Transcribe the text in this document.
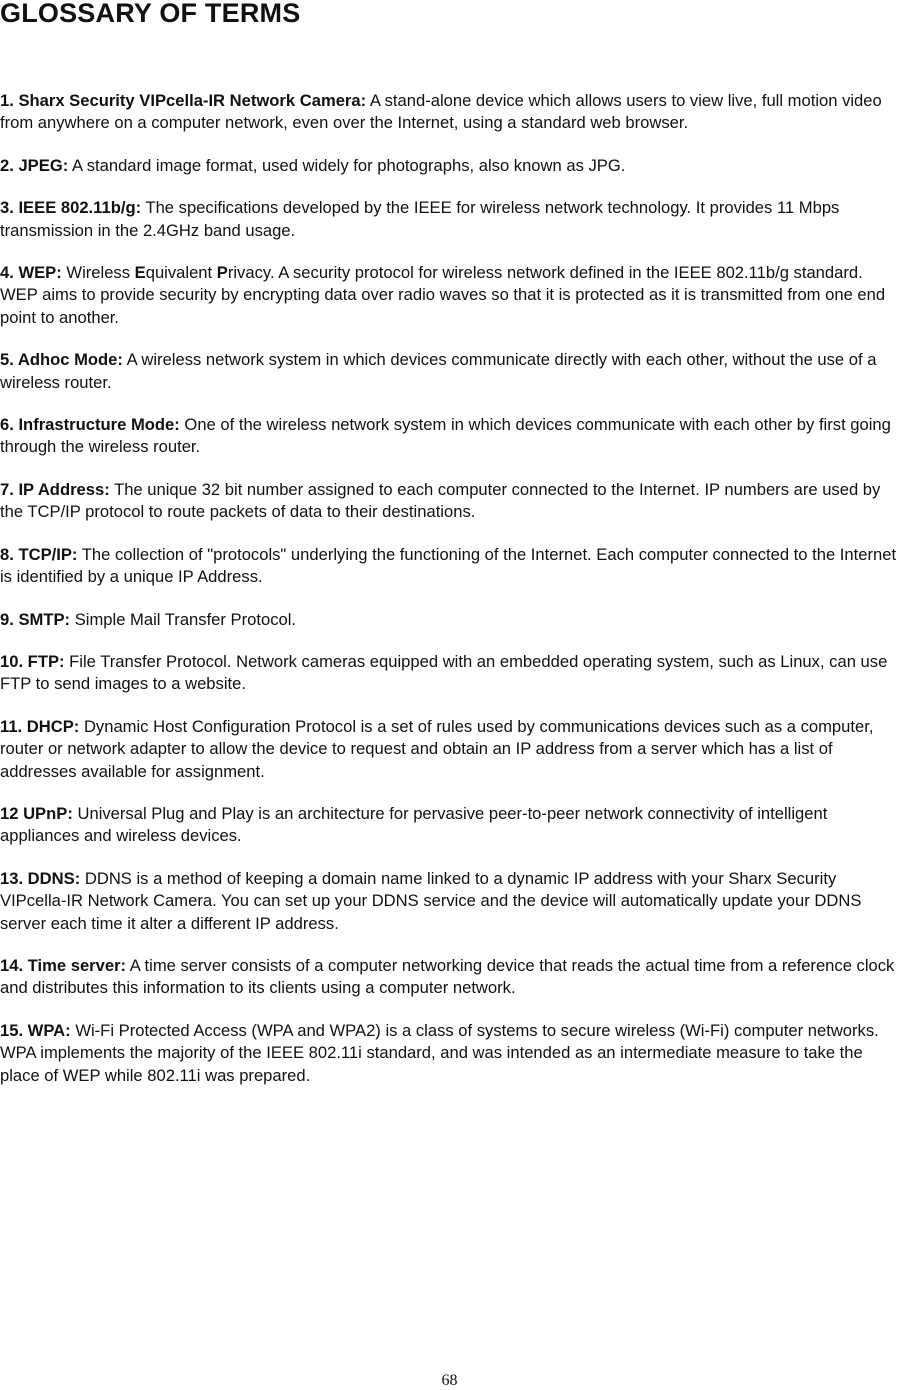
GLOSSARY OF TERMS

1. Sharx Security VIPcella-IR Network Camera: A stand-alone device which allows users to view live, full motion video from anywhere on a computer network, even over the Internet, using a standard web browser.

2. JPEG: A standard image format, used widely for photographs, also known as JPG.

3. IEEE 802.11b/g: The specifications developed by the IEEE for wireless network technology. It provides 11 Mbps transmission in the 2.4GHz band usage.

4. WEP: Wireless Equivalent Privacy. A security protocol for wireless network defined in the IEEE 802.11b/g standard. WEP aims to provide security by encrypting data over radio waves so that it is protected as it is transmitted from one end point to another.

5. Adhoc Mode: A wireless network system in which devices communicate directly with each other, without the use of a wireless router.

6. Infrastructure Mode: One of the wireless network system in which devices communicate with each other by first going through the wireless router.

7. IP Address: The unique 32 bit number assigned to each computer connected to the Internet. IP numbers are used by the TCP/IP protocol to route packets of data to their destinations.

8. TCP/IP: The collection of "protocols" underlying the functioning of the Internet. Each computer connected to the Internet is identified by a unique IP Address.

9. SMTP: Simple Mail Transfer Protocol.

10. FTP: File Transfer Protocol. Network cameras equipped with an embedded operating system, such as Linux, can use FTP to send images to a website.

11. DHCP: Dynamic Host Configuration Protocol is a set of rules used by communications devices such as a computer, router or network adapter to allow the device to request and obtain an IP address from a server which has a list of addresses available for assignment.

12 UPnP: Universal Plug and Play is an architecture for pervasive peer-to-peer network connectivity of intelligent appliances and wireless devices.

13. DDNS: DDNS is a method of keeping a domain name linked to a dynamic IP address with your Sharx Security VIPcella-IR Network Camera. You can set up your DDNS service and the device will automatically update your DDNS server each time it alter a different IP address.

14. Time server: A time server consists of a computer networking device that reads the actual time from a reference clock and distributes this information to its clients using a computer network.

15. WPA: Wi-Fi Protected Access (WPA and WPA2) is a class of systems to secure wireless (Wi-Fi) computer networks. WPA implements the majority of the IEEE 802.11i standard, and was intended as an intermediate measure to take the place of WEP while 802.11i was prepared.

68
